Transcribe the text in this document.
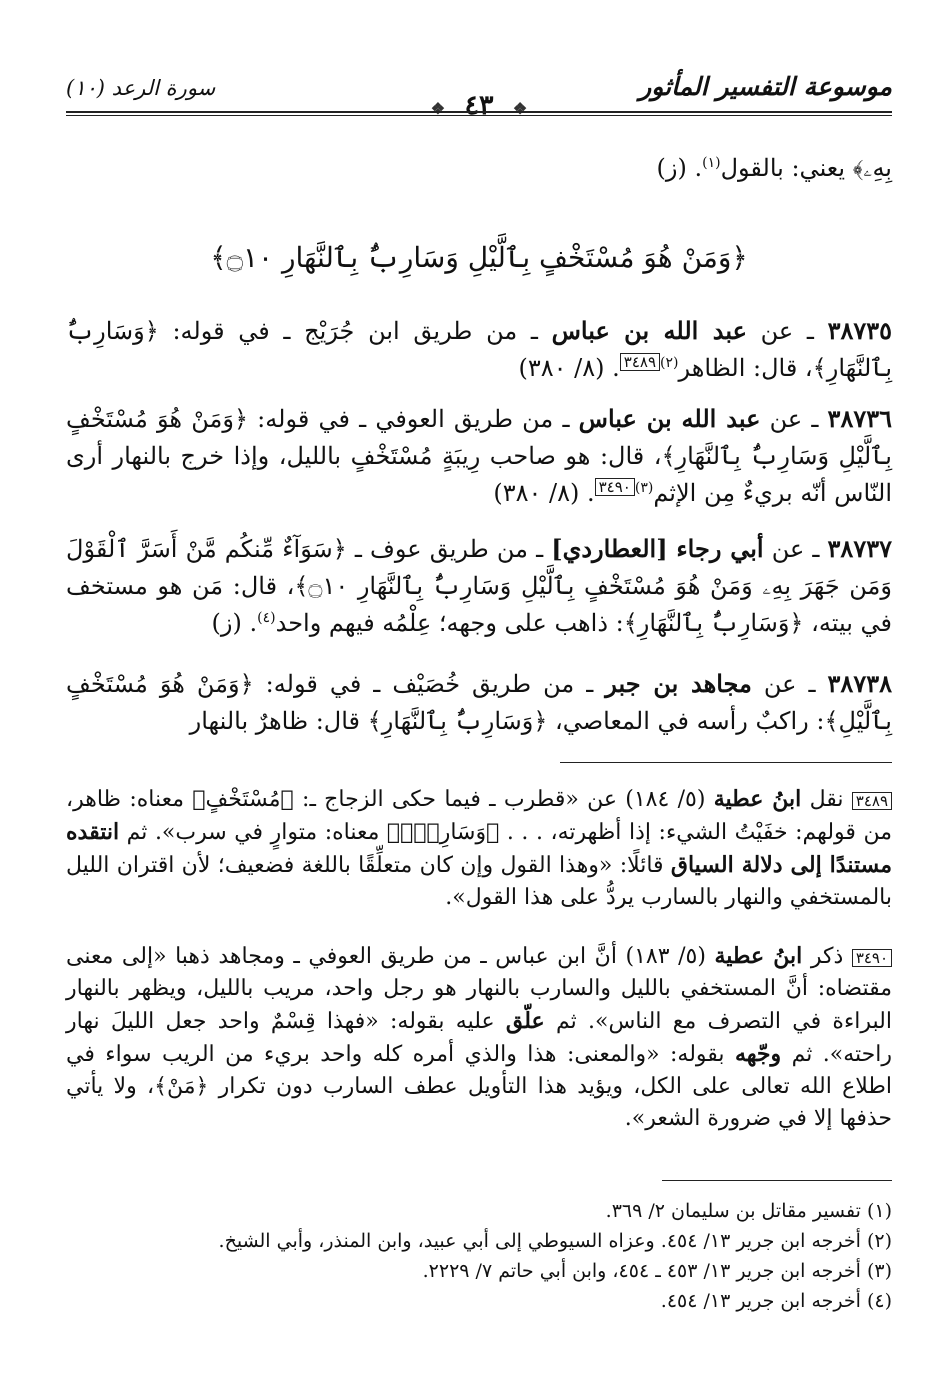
سورة الرعد (١٠)
❖ ٤٣ ❖
موسوعة التفسير المأثور
بِهِۦ﴾ يعني: بالقول$^{(١)}$. (ز)
﴿وَمَنْ هُوَ مُسْتَخْفٍ بِٱلَّيْلِ وَسَارِبٌۢ بِٱلنَّهَارِ ۝١٠﴾
٣٨٧٣٥ ـ عن عبد الله بن عباس ـ من طريق ابن جُرَيْج ـ في قوله: ﴿وَسَارِبٌۢ بِٱلنَّهَارِ﴾، قال: الظاهر$^{(٢)}$٣٤٨٩. (٨/ ٣٨٠)
٣٨٧٣٦ ـ عن عبد الله بن عباس ـ من طريق العوفي ـ في قوله: ﴿وَمَنْ هُوَ مُسْتَخْفٍ بِٱلَّيْلِ وَسَارِبٌۢ بِٱلنَّهَارِ﴾، قال: هو صاحب رِيبَةٍ مُسْتَخْفٍ بالليل، وإذا خرج بالنهار أرى النّاس أنّه بريءٌ مِن الإثم$^{(٣)}$٣٤٩٠. (٨/ ٣٨٠)
٣٨٧٣٧ ـ عن أبي رجاء [العطاردي] ـ من طريق عوف ـ ﴿سَوَآءٌ مِّنكُم مَّنْ أَسَرَّ ٱلْقَوْلَ وَمَن جَهَرَ بِهِۦ وَمَنْ هُوَ مُسْتَخْفٍ بِٱلَّيْلِ وَسَارِبٌۢ بِٱلنَّهَارِ ۝١٠﴾، قال: مَن هو مستخف في بيته، ﴿وَسَارِبٌۢ بِٱلنَّهَارِ﴾: ذاهب على وجهه؛ عِلْمُه فيهم واحد$^{(٤)}$. (ز)
٣٨٧٣٨ ـ عن مجاهد بن جبر ـ من طريق خُصَيْف ـ في قوله: ﴿وَمَنْ هُوَ مُسْتَخْفٍ بِٱلَّيْلِ﴾: راكبٌ رأسه في المعاصي، ﴿وَسَارِبٌۢ بِٱلنَّهَارِ﴾ قال: ظاهرٌ بالنهار
٣٤٨٩ نقل ابنُ عطية (٥/ ١٨٤) عن «قطرب ـ فيما حكى الزجاج ـ: ﴿مُسْتَخْفٍ﴾ معناه: ظاهر، من قولهم: خفَيْتُ الشيء: إذا أظهرته، . . . ﴿وَسَارِبٌۢ﴾ معناه: متوارٍ في سرب». ثم انتقده مستندًا إلى دلالة السياق قائلًا: «وهذا القول وإن كان متعلِّقًا باللغة فضعيف؛ لأن اقتران الليل بالمستخفي والنهار بالسارب يردُّ على هذا القول».
٣٤٩٠ ذكر ابنُ عطية (٥/ ١٨٣) أنَّ ابن عباس ـ من طريق العوفي ـ ومجاهد ذهبا «إلى معنى مقتضاه: أنَّ المستخفي بالليل والسارب بالنهار هو رجل واحد، مريب بالليل، ويظهر بالنهار البراءة في التصرف مع الناس». ثم علّق عليه بقوله: «فهذا قِسْمٌ واحد جعل الليلَ نهار راحته». ثم وجّهه بقوله: «والمعنى: هذا والذي أمره كله واحد بريء من الريب سواء في اطلاع الله تعالى على الكل، ويؤيد هذا التأويل عطف السارب دون تكرار ﴿مَنْ﴾، ولا يأتي حذفها إلا في ضرورة الشعر».
(١) تفسير مقاتل بن سليمان ٢/ ٣٦٩.
(٢) أخرجه ابن جرير ١٣/ ٤٥٤. وعزاه السيوطي إلى أبي عبيد، وابن المنذر، وأبي الشيخ.
(٣) أخرجه ابن جرير ١٣/ ٤٥٣ ـ ٤٥٤، وابن أبي حاتم ٧/ ٢٢٢٩.
(٤) أخرجه ابن جرير ١٣/ ٤٥٤.
